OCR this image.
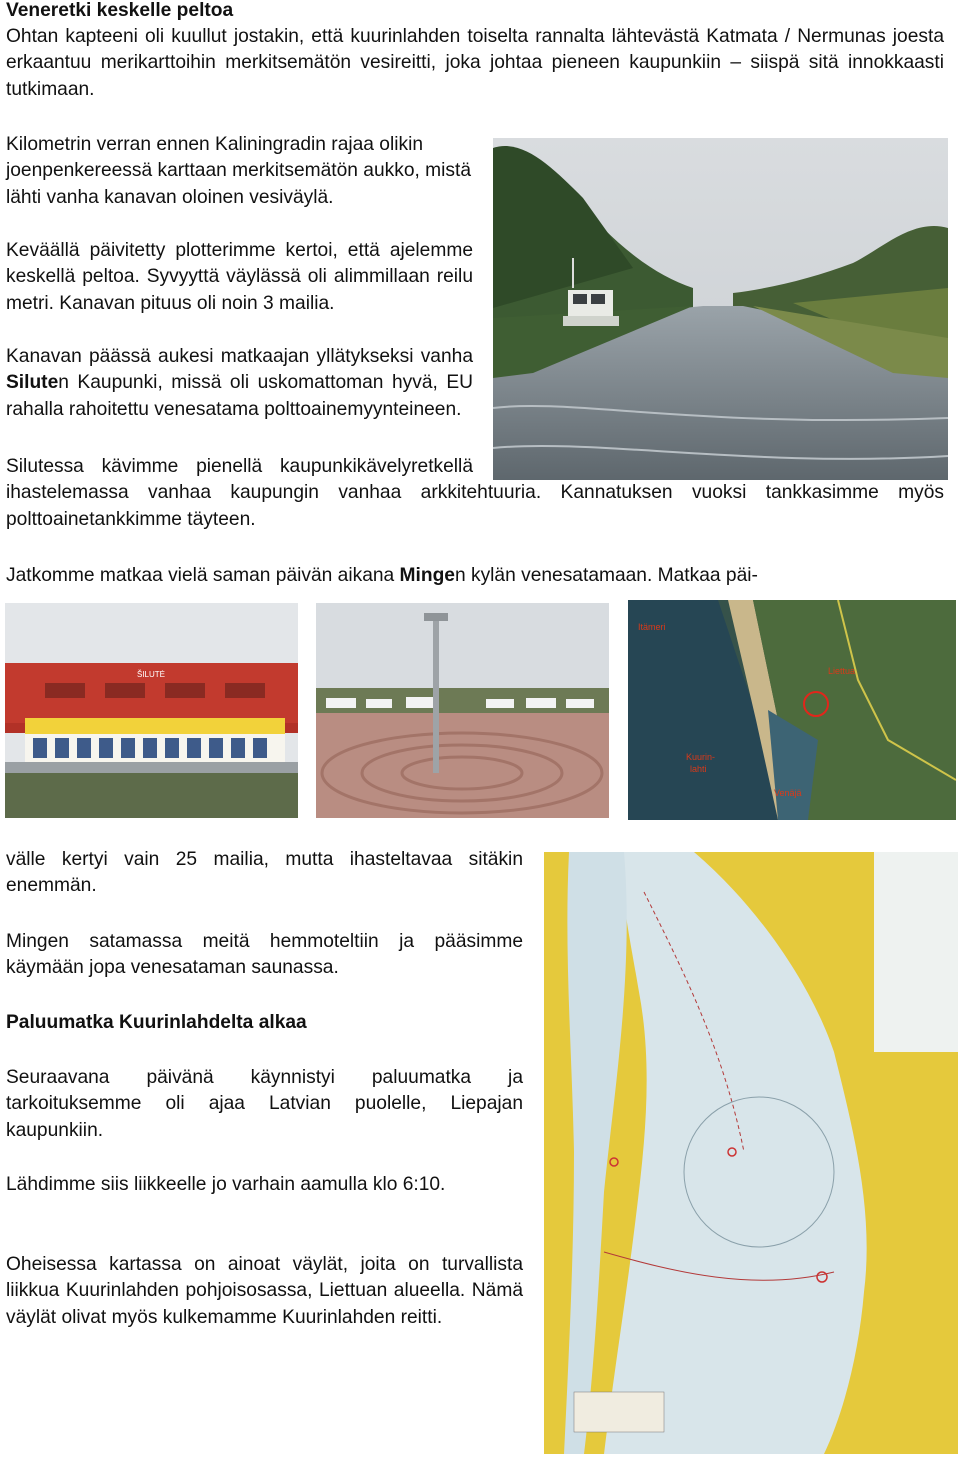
Veneretki keskelle peltoa

Ohtan kapteeni oli kuullut jostakin, että kuurinlahden toiselta rannalta lähtevästä Katmata / Nermunas joesta erkaantuu merikarttoihin merkitsemätön vesireitti, joka johtaa pieneen kaupunkiin – siispä sitä innokkaasti tutkimaan.

Kilometrin verran ennen Kaliningradin rajaa olikin joenpenkereessä karttaan merkitsemätön aukko, mistä lähti vanha kanavan oloinen vesiväylä.

Keväällä päivitetty plotterimme kertoi, että ajelemme keskellä peltoa. Syvyyttä väylässä oli alimmillaan reilu metri. Kanavan pituus oli noin 3 mailia.

Kanavan päässä aukesi matkaajan yllätykseksi vanha Siluten Kaupunki, missä oli uskomattoman hyvä, EU rahalla rahoitettu venesatama polttoainemyynteineen.

Silutessa kävimme pienellä kaupunkikävelyretkellä ihastelemassa vanhaa kaupungin vanhaa arkkitehtuuria. Kannatuksen vuoksi tankkasimme myös polttoainetankkimme täyteen.

Jatkomme matkaa vielä saman päivän aikana Mingen kylän venesatamaan. Matkaa päi-

ŠILUTĖ
Itämeri
Liettua
Kuurin-
lahti
Venäjä

välle kertyi vain 25 mailia, mutta ihasteltavaa sitäkin enemmän.

Mingen satamassa meitä hemmoteltiin ja pääsimme käymään jopa venesataman saunassa.

Paluumatka Kuurinlahdelta alkaa

Seuraavana päivänä käynnistyi paluumatka ja tarkoituksemme oli ajaa Latvian puolelle, Liepajan kaupunkiin.

Lähdimme siis liikkeelle jo varhain aamulla klo 6:10.

Oheisessa kartassa on ainoat väylät, joita on turvallista liikkua Kuurinlahden pohjoisosassa, Liettuan alueella. Nämä väylät olivat myös kulkemamme Kuurinlahden reitti.
